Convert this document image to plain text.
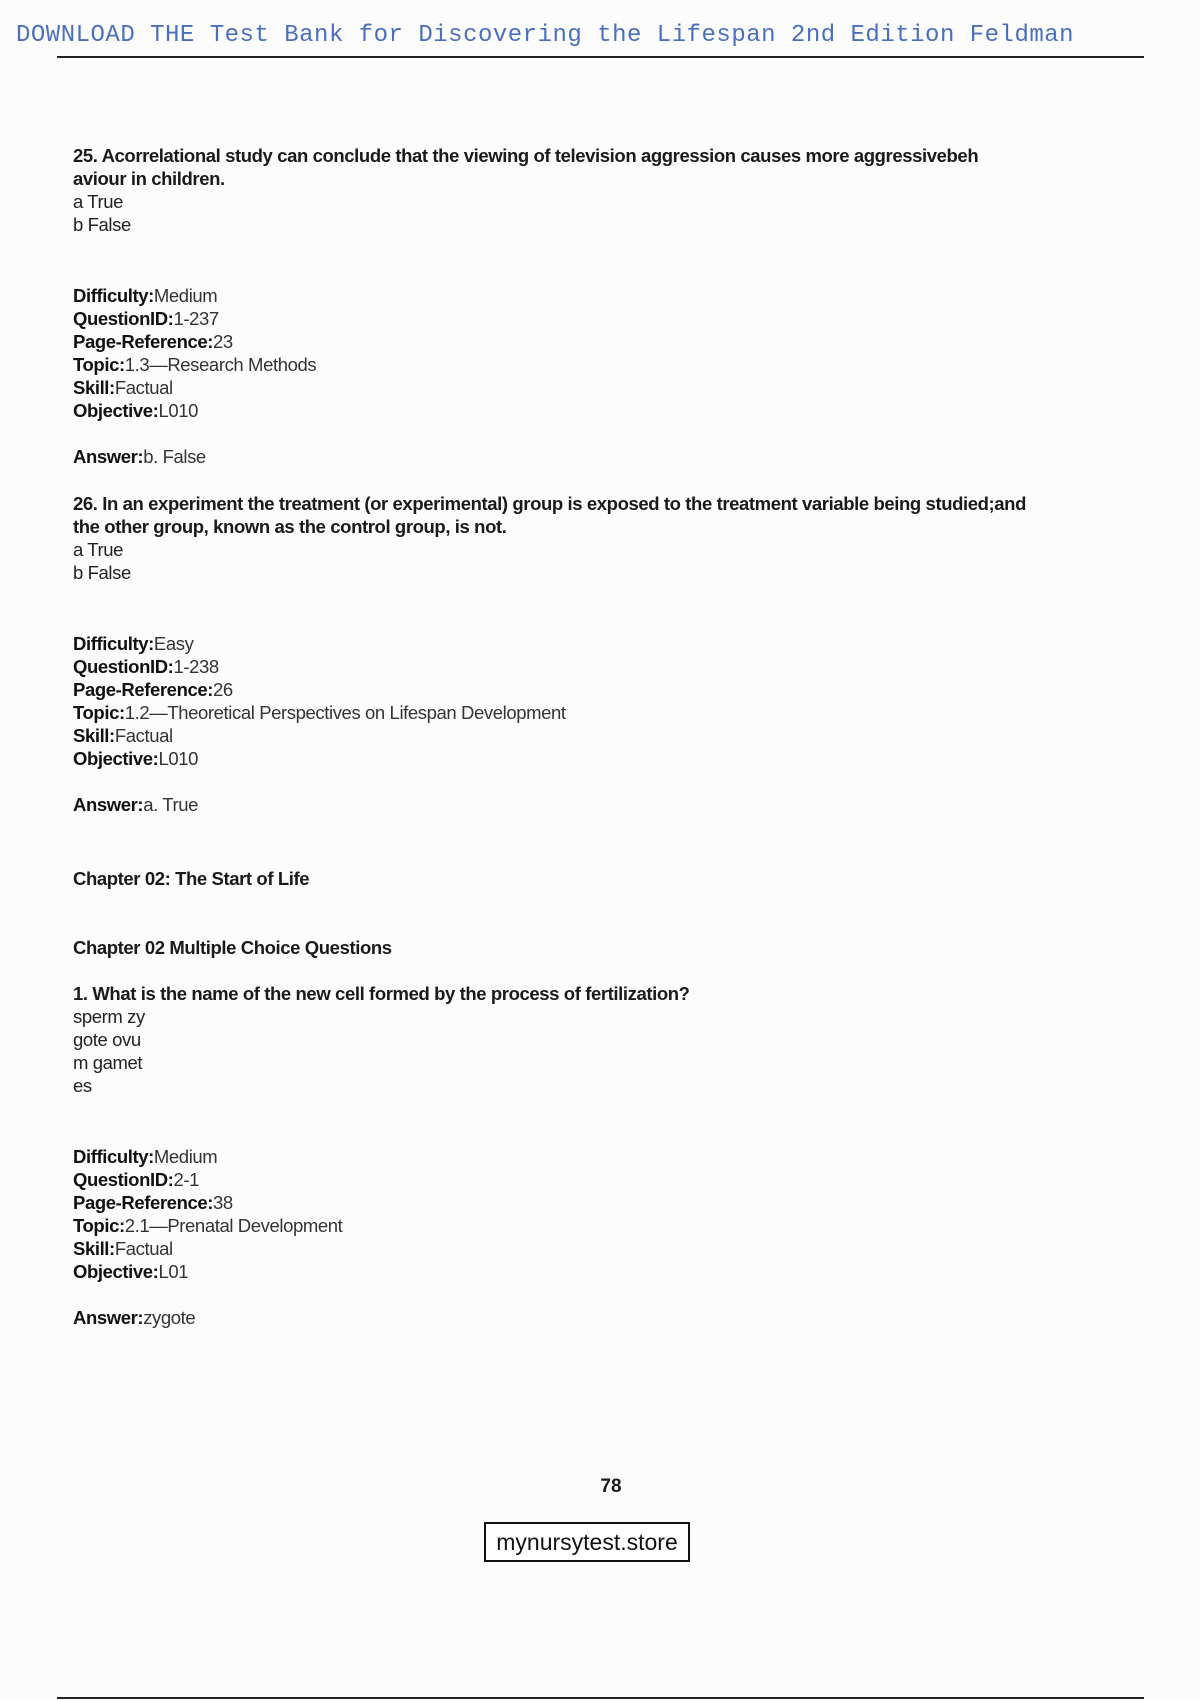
DOWNLOAD THE Test Bank for Discovering the Lifespan 2nd Edition Feldman
25. Acorrelational study can conclude that the viewing of television aggression causes more aggressivebeh
aviour in children.
a True
b False
Difficulty:Medium
QuestionID:1-237
Page-Reference:23
Topic:1.3—Research Methods
Skill:Factual
Objective:L010
Answer:b. False
26. In an experiment the treatment (or experimental) group is exposed to the treatment variable being studied;and
the other group, known as the control group, is not.
a True
b False
Difficulty:Easy
QuestionID:1-238
Page-Reference:26
Topic:1.2—Theoretical Perspectives on Lifespan Development
Skill:Factual
Objective:L010
Answer:a. True
Chapter 02: The Start of Life
Chapter 02 Multiple Choice Questions
1. What is the name of the new cell formed by the process of fertilization?
sperm zy
gote ovu
m gamet
es
Difficulty:Medium
QuestionID:2-1
Page-Reference:38
Topic:2.1—Prenatal Development
Skill:Factual
Objective:L01
Answer:zygote
78
mynursytest.store
